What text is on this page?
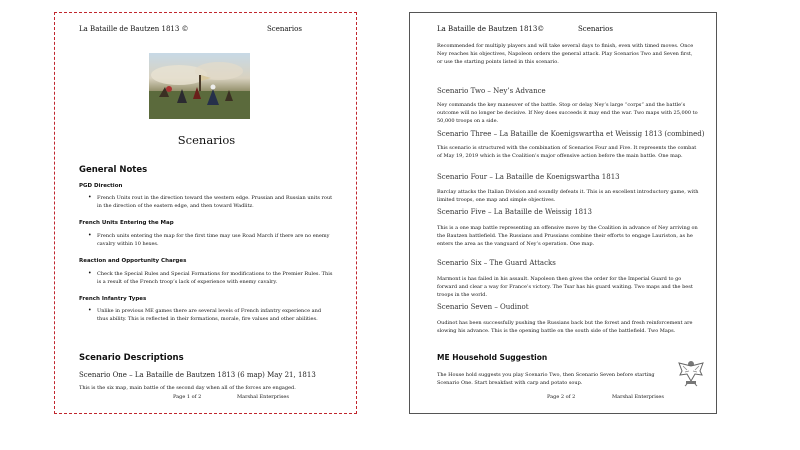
La Bataille de Bautzen 1813 ©	Scenarios
Scenarios
General Notes
PGD Direction
• French Units rout in the direction toward the western edge. Prussian and Russian units rout in the direction of the eastern edge, and then toward Wadlitz.
French Units Entering the Map
• French units entering the map for the first time may use Road March if there are no enemy cavalry within 10 hexes.
Reaction and Opportunity Charges
• Check the Special Rules and Special Formations for modifications to the Premier Rules. This is a result of the French troop’s lack of experience with enemy cavalry.
French Infantry Types
• Unlike in previous ME games there are several levels of French infantry experience and thus ability. This is reflected in their formations, morale, fire values and other abilities.
Scenario Descriptions
Scenario One – La Bataille de Bautzen 1813 (6 map) May 21, 1813
This is the six map, main battle of the second day when all of the forces are engaged.
Page 1 of 2	Marshal Enterprises
La Bataille de Bautzen 1813©	Scenarios
Recommended for multiply players and will take several days to finish, even with timed moves. Once Ney reaches his objectives, Napoleon orders the general attack. Play Scenarios Two and Seven first, or use the starting points listed in this scenario.
Scenario Two – Ney’s Advance
Ney commands the key maneuver of the battle. Stop or delay Ney’s large “corps” and the battle’s outcome will no longer be decisive. If Ney does succeeds it may end the war. Two maps with 25,000 to 50,000 troops on a side.
Scenario Three – La Bataille de Koenigswartha et Weissig 1813 (combined)
This scenario is structured with the combination of Scenarios Four and Five. It represents the combat of May 19, 2019 which is the Coalition’s major offensive action before the main battle. One map.
Scenario Four – La Bataille de Koenigswartha 1813
Barclay attacks the Italian Division and soundly defeats it. This is an excellent introductory game, with limited troops, one map and simple objectives.
Scenario Five – La Bataille de Weissig 1813
This is a one map battle representing an offensive move by the Coalition in advance of Ney arriving on the Bautzen battlefield. The Russians and Prussians combine their efforts to engage Lauriston, as he enters the area as the vanguard of Ney’s operation. One map.
Scenario Six – The Guard Attacks
Marmont is has failed in his assault. Napoleon then gives the order for the Imperial Guard to go forward and clear a way for France’s victory. The Tsar has his guard waiting. Two maps and the best troops in the world.
Scenario Seven – Oudinot
Oudinot has been successfully pushing the Russians back but the forest and fresh reinforcement are slowing his advance. This is the opening battle on the south side of the battlefield. Two Maps.
ME Household Suggestion
The House hold suggests you play Scenario Two, then Scenario Seven before starting Scenario One. Start breakfast with carp and potato soup.
Page 2 of 2	Marshal Enterprises
